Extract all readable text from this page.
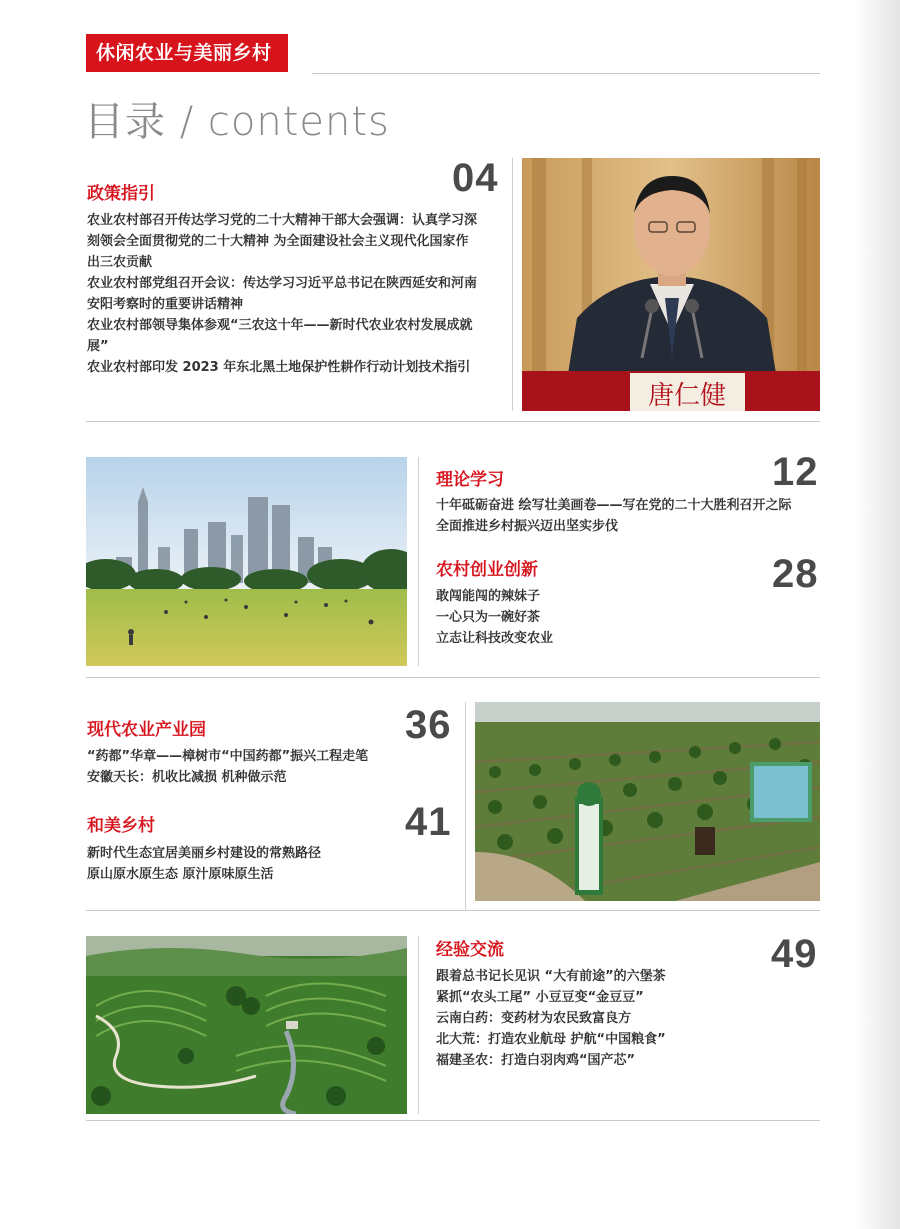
休闲农业与美丽乡村
目录 / contents
政策指引	04
农业农村部召开传达学习党的二十大精神干部大会强调：认真学习深
刻领会全面贯彻党的二十大精神 为全面建设社会主义现代化国家作
出三农贡献
农业农村部党组召开会议：传达学习习近平总书记在陕西延安和河南
安阳考察时的重要讲话精神
农业农村部领导集体参观“三农这十年——新时代农业农村发展成就
展”
农业农村部印发 2023 年东北黑土地保护性耕作行动计划技术指引
唐仁健
理论学习	12
十年砥砺奋进 绘写壮美画卷——写在党的二十大胜利召开之际
全面推进乡村振兴迈出坚实步伐
农村创业创新	28
敢闯能闯的辣妹子
一心只为一碗好茶
立志让科技改变农业
现代农业产业园	36
“药都”华章——樟树市“中国药都”振兴工程走笔
安徽天长：机收比减损 机种做示范
和美乡村	41
新时代生态宜居美丽乡村建设的常熟路径
原山原水原生态 原汁原味原生活
经验交流	49
跟着总书记长见识 “大有前途”的六堡茶
紧抓“农头工尾” 小豆豆变“金豆豆”
云南白药：变药材为农民致富良方
北大荒：打造农业航母 护航“中国粮食”
福建圣农：打造白羽肉鸡“国产芯”
